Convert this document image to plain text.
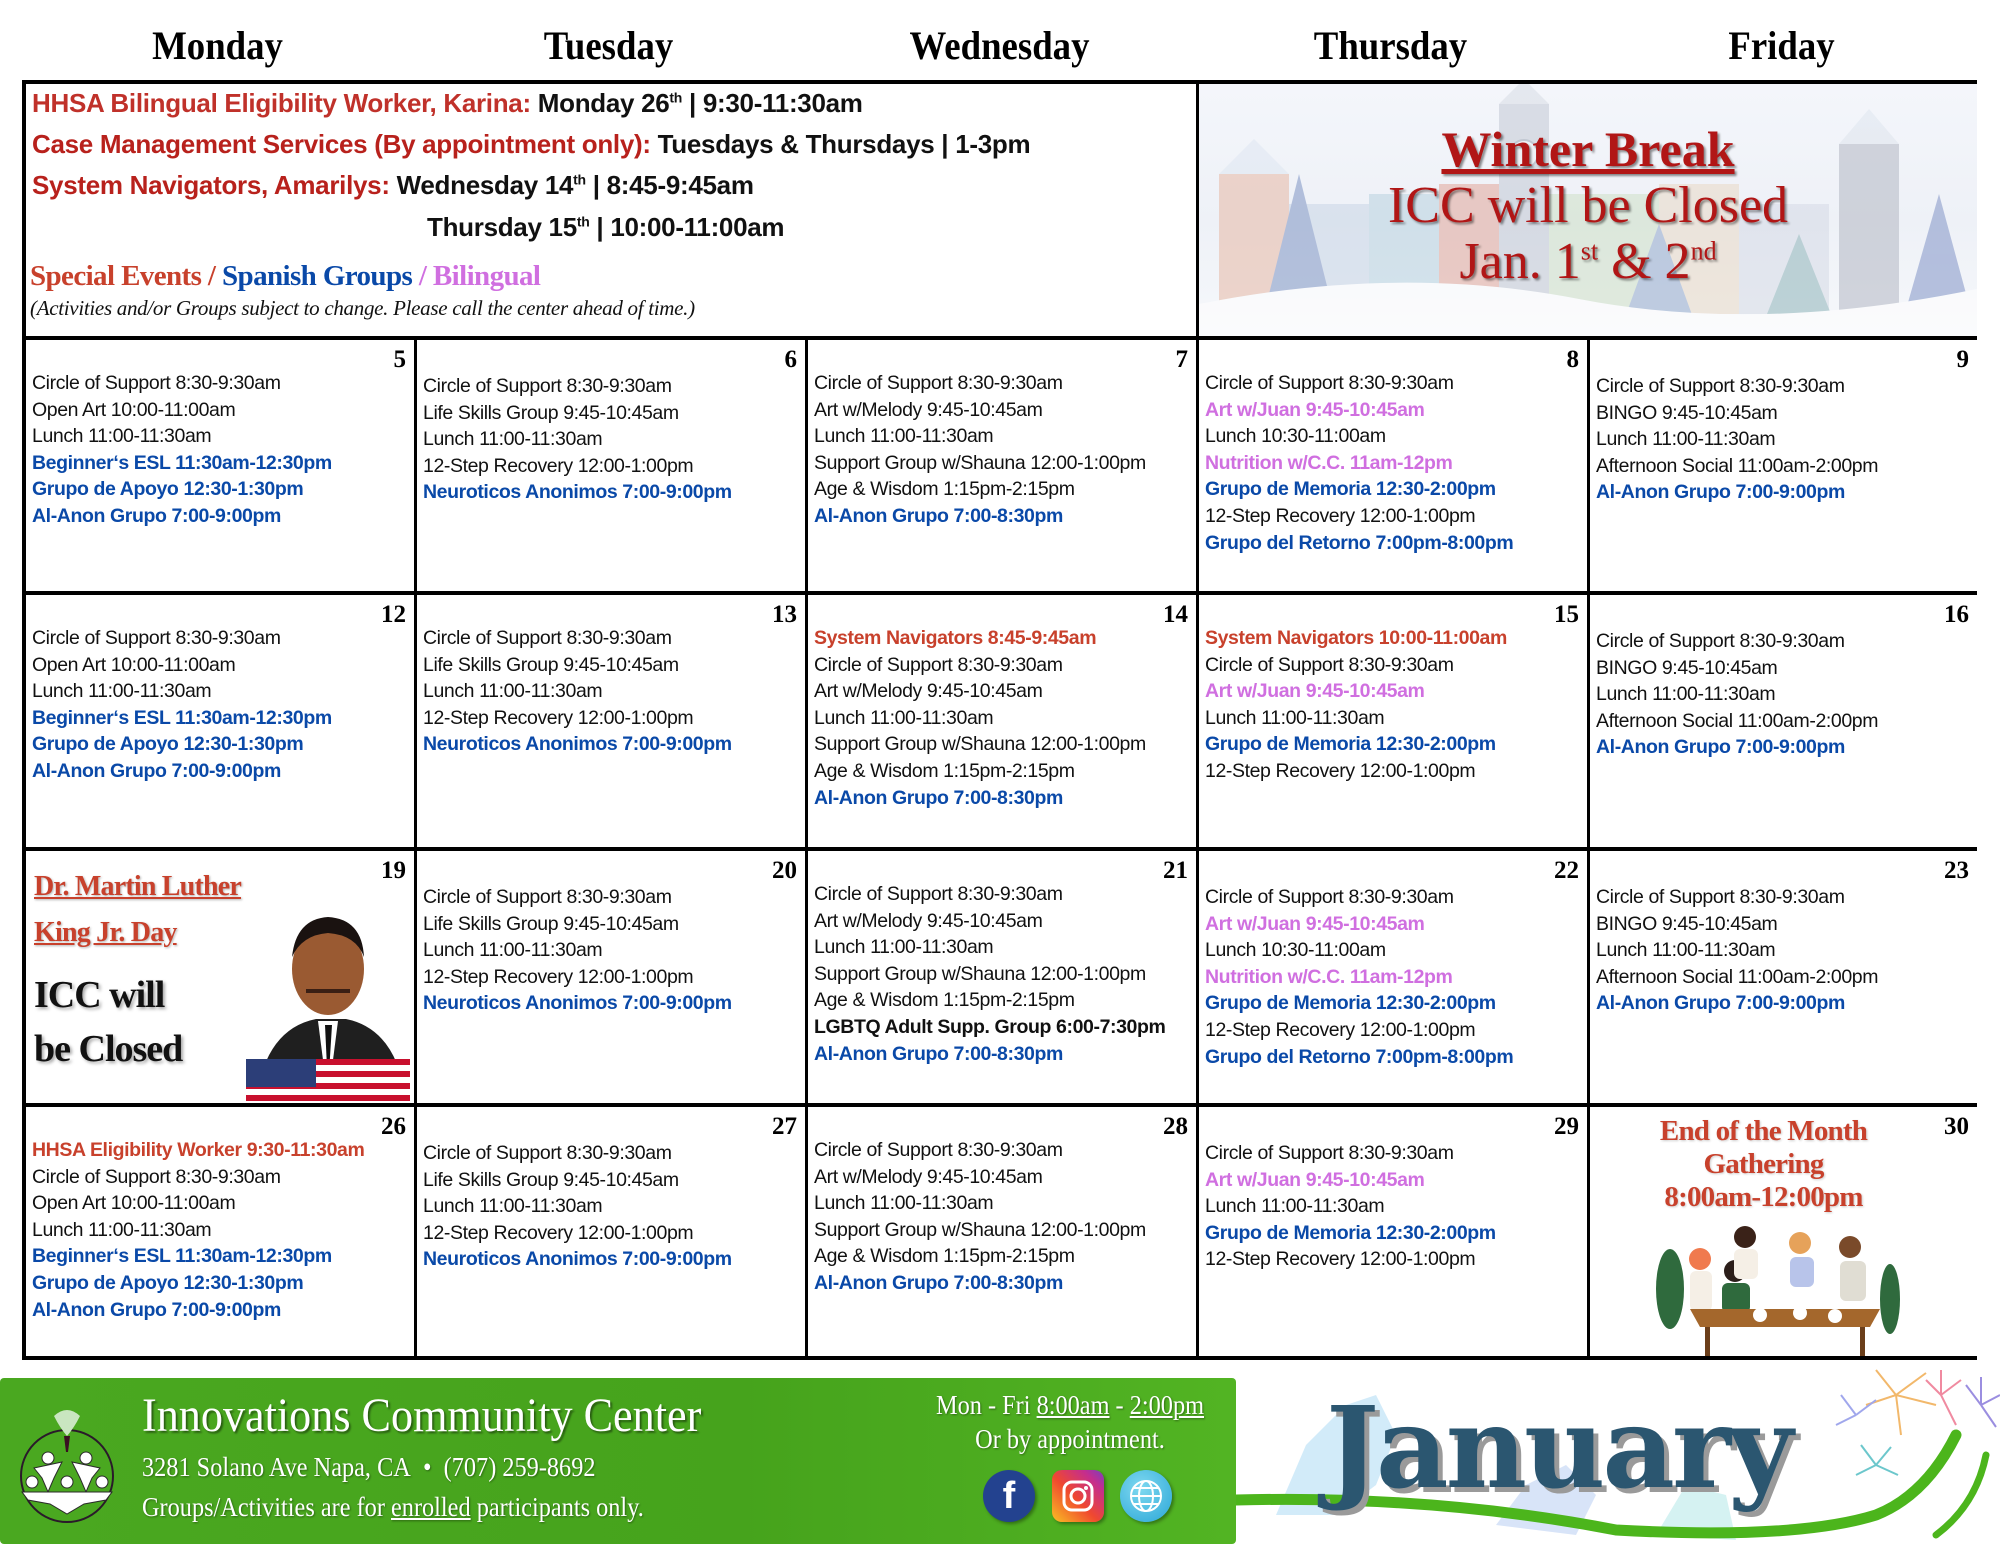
Monday	Tuesday	Wednesday	Thursday	Friday
HHSA Bilingual Eligibility Worker, Karina: Monday 26th | 9:30-11:30am
Case Management Services (By appointment only): Tuesdays & Thursdays | 1-3pm
System Navigators, Amarilys: Wednesday 14th | 8:45-9:45am
Thursday 15th | 10:00-11:00am
Special Events / Spanish Groups / Bilingual
(Activities and/or Groups subject to change. Please call the center ahead of time.)
Winter Break
ICC will be Closed
Jan. 1st & 2nd
5
Circle of Support 8:30-9:30am
Open Art 10:00-11:00am
Lunch 11:00-11:30am
Beginner‘s ESL 11:30am-12:30pm
Grupo de Apoyo 12:30-1:30pm
Al-Anon Grupo 7:00-9:00pm
6
Circle of Support 8:30-9:30am
Life Skills Group 9:45-10:45am
Lunch 11:00-11:30am
12-Step Recovery 12:00-1:00pm
Neuroticos Anonimos 7:00-9:00pm
7
Circle of Support 8:30-9:30am
Art w/Melody 9:45-10:45am
Lunch 11:00-11:30am
Support Group w/Shauna 12:00-1:00pm
Age & Wisdom 1:15pm-2:15pm
Al-Anon Grupo 7:00-8:30pm
8
Circle of Support 8:30-9:30am
Art w/Juan 9:45-10:45am
Lunch 10:30-11:00am
Nutrition w/C.C. 11am-12pm
Grupo de Memoria 12:30-2:00pm
12-Step Recovery 12:00-1:00pm
Grupo del Retorno 7:00pm-8:00pm
9
Circle of Support 8:30-9:30am
BINGO 9:45-10:45am
Lunch 11:00-11:30am
Afternoon Social 11:00am-2:00pm
Al-Anon Grupo 7:00-9:00pm
12
Circle of Support 8:30-9:30am
Open Art 10:00-11:00am
Lunch 11:00-11:30am
Beginner‘s ESL 11:30am-12:30pm
Grupo de Apoyo 12:30-1:30pm
Al-Anon Grupo 7:00-9:00pm
13
Circle of Support 8:30-9:30am
Life Skills Group 9:45-10:45am
Lunch 11:00-11:30am
12-Step Recovery 12:00-1:00pm
Neuroticos Anonimos 7:00-9:00pm
14
System Navigators 8:45-9:45am
Circle of Support 8:30-9:30am
Art w/Melody 9:45-10:45am
Lunch 11:00-11:30am
Support Group w/Shauna 12:00-1:00pm
Age & Wisdom 1:15pm-2:15pm
Al-Anon Grupo 7:00-8:30pm
15
System Navigators 10:00-11:00am
Circle of Support 8:30-9:30am
Art w/Juan 9:45-10:45am
Lunch 11:00-11:30am
Grupo de Memoria 12:30-2:00pm
12-Step Recovery 12:00-1:00pm
16
Circle of Support 8:30-9:30am
BINGO 9:45-10:45am
Lunch 11:00-11:30am
Afternoon Social 11:00am-2:00pm
Al-Anon Grupo 7:00-9:00pm
19
Dr. Martin Luther
King Jr. Day
ICC will
be Closed
20
Circle of Support 8:30-9:30am
Life Skills Group 9:45-10:45am
Lunch 11:00-11:30am
12-Step Recovery 12:00-1:00pm
Neuroticos Anonimos 7:00-9:00pm
21
Circle of Support 8:30-9:30am
Art w/Melody 9:45-10:45am
Lunch 11:00-11:30am
Support Group w/Shauna 12:00-1:00pm
Age & Wisdom 1:15pm-2:15pm
LGBTQ Adult Supp. Group 6:00-7:30pm
Al-Anon Grupo 7:00-8:30pm
22
Circle of Support 8:30-9:30am
Art w/Juan 9:45-10:45am
Lunch 10:30-11:00am
Nutrition w/C.C. 11am-12pm
Grupo de Memoria 12:30-2:00pm
12-Step Recovery 12:00-1:00pm
Grupo del Retorno 7:00pm-8:00pm
23
Circle of Support 8:30-9:30am
BINGO 9:45-10:45am
Lunch 11:00-11:30am
Afternoon Social 11:00am-2:00pm
Al-Anon Grupo 7:00-9:00pm
26
HHSA Eligibility Worker 9:30-11:30am
Circle of Support 8:30-9:30am
Open Art 10:00-11:00am
Lunch 11:00-11:30am
Beginner‘s ESL 11:30am-12:30pm
Grupo de Apoyo 12:30-1:30pm
Al-Anon Grupo 7:00-9:00pm
27
Circle of Support 8:30-9:30am
Life Skills Group 9:45-10:45am
Lunch 11:00-11:30am
12-Step Recovery 12:00-1:00pm
Neuroticos Anonimos 7:00-9:00pm
28
Circle of Support 8:30-9:30am
Art w/Melody 9:45-10:45am
Lunch 11:00-11:30am
Support Group w/Shauna 12:00-1:00pm
Age & Wisdom 1:15pm-2:15pm
Al-Anon Grupo 7:00-8:30pm
29
Circle of Support 8:30-9:30am
Art w/Juan 9:45-10:45am
Lunch 11:00-11:30am
Grupo de Memoria 12:30-2:00pm
12-Step Recovery 12:00-1:00pm
30
End of the Month
Gathering
8:00am-12:00pm
Innovations Community Center
3281 Solano Ave Napa, CA • (707) 259-8692
Groups/Activities are for enrolled participants only.
Mon - Fri 8:00am - 2:00pm
Or by appointment.
f	January
